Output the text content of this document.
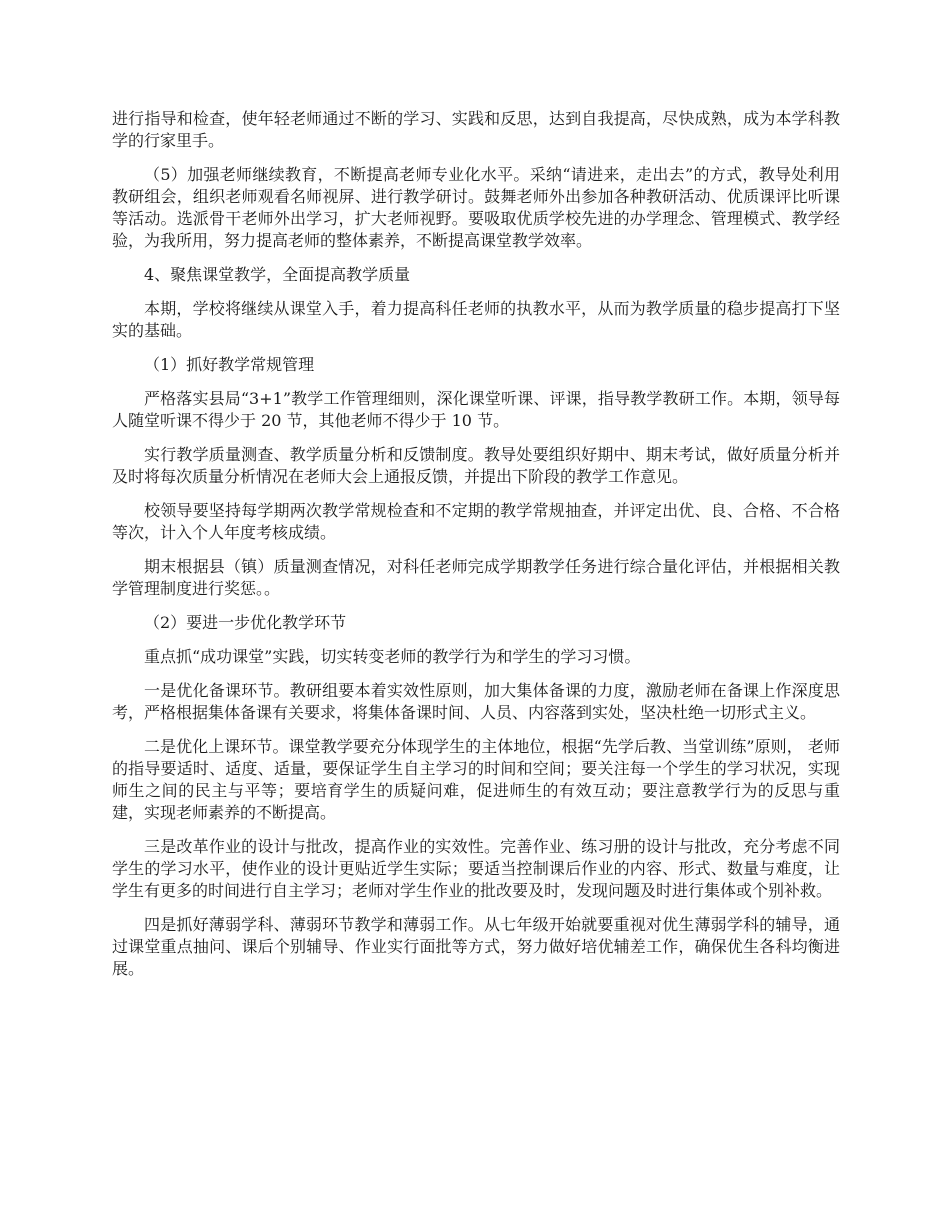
进行指导和检查，使年轻老师通过不断的学习、实践和反思，达到自我提高，尽快成熟，成为本学科教学的行家里手。

（5）加强老师继续教育，不断提高老师专业化水平。采纳“请进来，走出去”的方式，教导处利用教研组会，组织老师观看名师视屏、进行教学研讨。鼓舞老师外出参加各种教研活动、优质课评比听课等活动。选派骨干老师外出学习，扩大老师视野。要吸取优质学校先进的办学理念、管理模式、教学经验，为我所用，努力提高老师的整体素养，不断提高课堂教学效率。

4、聚焦课堂教学，全面提高教学质量

本期，学校将继续从课堂入手，着力提高科任老师的执教水平，从而为教学质量的稳步提高打下坚实的基础。

（1）抓好教学常规管理

严格落实县局“3+1”教学工作管理细则，深化课堂听课、评课，指导教学教研工作。本期，领导每人随堂听课不得少于 20 节，其他老师不得少于 10 节。

实行教学质量测查、教学质量分析和反馈制度。教导处要组织好期中、期末考试，做好质量分析并及时将每次质量分析情况在老师大会上通报反馈，并提出下阶段的教学工作意见。

校领导要坚持每学期两次教学常规检查和不定期的教学常规抽查，并评定出优、良、合格、不合格等次，计入个人年度考核成绩。

期末根据县（镇）质量测查情况，对科任老师完成学期教学任务进行综合量化评估，并根据相关教学管理制度进行奖惩。。

（2）要进一步优化教学环节

重点抓“成功课堂”实践，切实转变老师的教学行为和学生的学习习惯。

一是优化备课环节。教研组要本着实效性原则，加大集体备课的力度，激励老师在备课上作深度思考，严格根据集体备课有关要求，将集体备课时间、人员、内容落到实处，坚决杜绝一切形式主义。

二是优化上课环节。课堂教学要充分体现学生的主体地位，根据“先学后教、当堂训练”原则， 老师的指导要适时、适度、适量，要保证学生自主学习的时间和空间；要关注每一个学生的学习状况，实现师生之间的民主与平等；要培育学生的质疑问难，促进师生的有效互动；要注意教学行为的反思与重建，实现老师素养的不断提高。

三是改革作业的设计与批改，提高作业的实效性。完善作业、练习册的设计与批改，充分考虑不同学生的学习水平，使作业的设计更贴近学生实际；要适当控制课后作业的内容、形式、数量与难度，让学生有更多的时间进行自主学习；老师对学生作业的批改要及时，发现问题及时进行集体或个别补救。

四是抓好薄弱学科、薄弱环节教学和薄弱工作。从七年级开始就要重视对优生薄弱学科的辅导，通过课堂重点抽问、课后个别辅导、作业实行面批等方式，努力做好培优辅差工作，确保优生各科均衡进展。
